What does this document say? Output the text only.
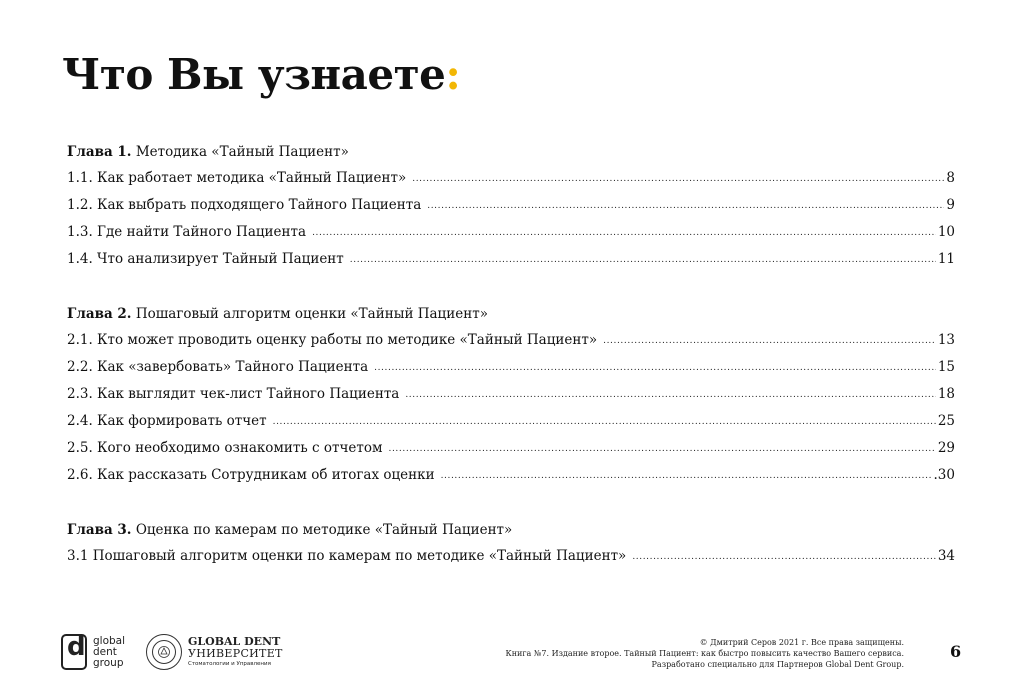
Что Вы узнаете:
Глава 1. Методика «Тайный Пациент»
1.1. Как работает методика «Тайный Пациент» .....	8
1.2. Как выбрать подходящего Тайного Пациента .....	9
1.3. Где найти Тайного Пациента .....	10
1.4. Что анализирует Тайный Пациент .....	11
Глава 2. Пошаговый алгоритм оценки «Тайный Пациент»
2.1. Кто может проводить оценку работы по методике «Тайный Пациент» .....	13
2.2. Как «завербовать» Тайного Пациента .....	15
2.3. Как выглядит чек-лист Тайного Пациента .....	18
2.4. Как формировать отчет .....	25
2.5. Кого необходимо ознакомить с отчетом .....	29
2.6. Как рассказать Сотрудникам об итогах оценки .....	.30
Глава 3. Оценка по камерам по методике «Тайный Пациент»
3.1 Пошаговый алгоритм оценки по камерам по методике «Тайный Пациент» .....	34
d
global
dent
group
GLOBAL DENT
УНИВЕРСИТЕТ
Стоматологии и Управления
© Дмитрий Серов 2021 г. Все права защищены.
Книга №7. Издание второе. Тайный Пациент: как быстро повысить качество Вашего сервиса.
Разработано специально для Партнеров Global Dent Group.
6
